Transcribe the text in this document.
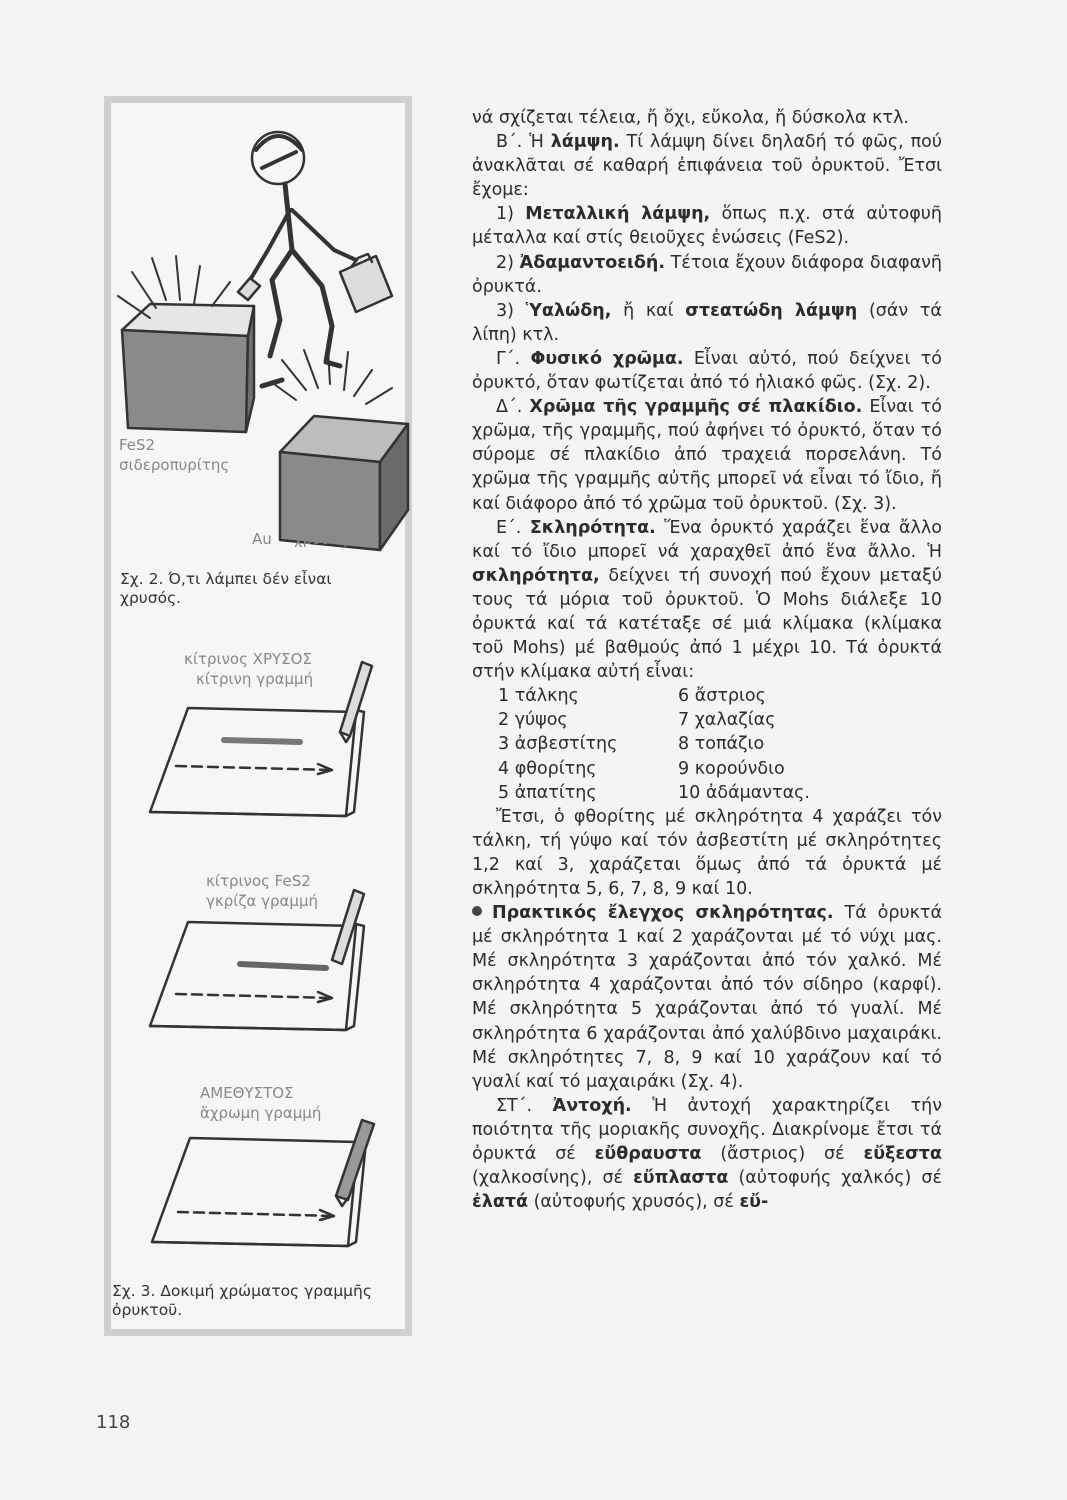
FeS2
σιδεροπυρίτης
Au χρυσός
Σχ. 2. Ό,τι λάμπει δέν εἶναι χρυσός.
κίτρινος ΧΡΥΣΟΣ
κίτρινη γραμμή
κίτρινος FeS2
γκρίζα γραμμή
ΑΜΕΘΥΣΤΟΣ
ἄχρωμη γραμμή
Σχ. 3. Δοκιμή χρώματος γραμμῆς ὀρυκτοῦ.

νά σχίζεται τέλεια, ἤ ὄχι, εὔκολα, ἤ δύσκολα κτλ.

Β΄. Ἡ λάμψη. Τί λάμψη δίνει δηλαδή τό φῶς, πού ἀνακλᾶται σέ καθαρή ἐπιφάνεια τοῦ ὀρυκτοῦ. Ἔτσι ἔχομε:

1) Μεταλλική λάμψη, ὅπως π.χ. στά αὐτοφυῆ μέταλλα καί στίς θειοῦχες ἐνώσεις (FeS2).

2) Ἀδαμαντοειδή. Τέτοια ἔχουν διάφορα διαφανῆ ὀρυκτά.

3) Ὑαλώδη, ἤ καί στεατώδη λάμψη (σάν τά λίπη) κτλ.

Γ΄. Φυσικό χρῶμα. Εἶναι αὐτό, πού δείχνει τό ὀρυκτό, ὅταν φωτίζεται ἀπό τό ἡλιακό φῶς. (Σχ. 2).

Δ΄. Χρῶμα τῆς γραμμῆς σέ πλακίδιο. Εἶναι τό χρῶμα, τῆς γραμμῆς, πού ἀφήνει τό ὀρυκτό, ὅταν τό σύρομε σέ πλακίδιο ἀπό τραχειά πορσελάνη. Τό χρῶμα τῆς γραμμῆς αὐτῆς μπορεῖ νά εἶναι τό ἴδιο, ἤ καί διάφορο ἀπό τό χρῶμα τοῦ ὀρυκτοῦ. (Σχ. 3).

Ε΄. Σκληρότητα. Ἕνα ὀρυκτό χαράζει ἕνα ἄλλο καί τό ἴδιο μπορεῖ νά χαραχθεῖ ἀπό ἕνα ἄλλο. Ἡ σκληρότητα, δείχνει τή συνοχή πού ἔχουν μεταξύ τους τά μόρια τοῦ ὀρυκτοῦ. Ὁ Mohs διάλεξε 10 ὀρυκτά καί τά κατέταξε σέ μιά κλίμακα (κλίμακα τοῦ Mohs) μέ βαθμούς ἀπό 1 μέχρι 10. Τά ὀρυκτά στήν κλίμακα αὐτή εἶναι:

1 τάλκης	6 ἄστριος
2 γύψος	7 χαλαζίας
3 ἀσβεστίτης	8 τοπάζιο
4 φθορίτης	9 κορούνδιο
5 ἀπατίτης	10 ἀδάμαντας.

Ἔτσι, ὁ φθορίτης μέ σκληρότητα 4 χαράζει τόν τάλκη, τή γύψο καί τόν ἀσβεστίτη μέ σκληρότητες 1,2 καί 3, χαράζεται ὅμως ἀπό τά ὀρυκτά μέ σκληρότητα 5, 6, 7, 8, 9 καί 10.

Πρακτικός ἔλεγχος σκληρότητας. Τά ὀρυκτά μέ σκληρότητα 1 καί 2 χαράζονται μέ τό νύχι μας. Μέ σκληρότητα 3 χαράζονται ἀπό τόν χαλκό. Μέ σκληρότητα 4 χαράζονται ἀπό τόν σίδηρο (καρφί). Μέ σκληρότητα 5 χαράζονται ἀπό τό γυαλί. Μέ σκληρότητα 6 χαράζονται ἀπό χαλύβδινο μαχαιράκι. Μέ σκληρότητες 7, 8, 9 καί 10 χαράζουν καί τό γυαλί καί τό μαχαιράκι (Σχ. 4).

ΣΤ΄. Ἀντοχή. Ἡ ἀντοχή χαρακτηρίζει τήν ποιότητα τῆς μοριακῆς συνοχῆς. Διακρίνομε ἔτσι τά ὀρυκτά σέ εὔθραυστα (ἄστριος) σέ εὔξεστα (χαλκοσίνης), σέ εὔπλαστα (αὐτοφυής χαλκός) σέ ἐλατά (αὐτοφυής χρυσός), σέ εὔ-

118
